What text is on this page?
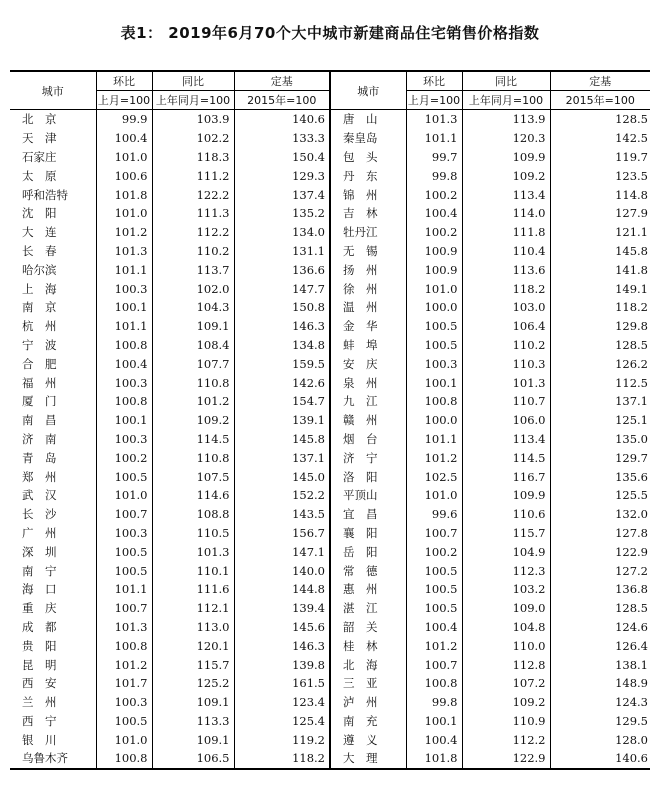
表1： 2019年6月70个大中城市新建商品住宅销售价格指数
城市	环比	同比	定基	城市	环比	同比	定基
	上月=100	上年同月=100	2015年=100		上月=100	上年同月=100	2015年=100
北　京	99.9	103.9	140.6	唐　山	101.3	113.9	128.5
天　津	100.4	102.2	133.3	秦皇岛	101.1	120.3	142.5
石家庄	101.0	118.3	150.4	包　头	99.7	109.9	119.7
太　原	100.6	111.2	129.3	丹　东	99.8	109.2	123.5
呼和浩特	101.8	122.2	137.4	锦　州	100.2	113.4	114.8
沈　阳	101.0	111.3	135.2	吉　林	100.4	114.0	127.9
大　连	101.2	112.2	134.0	牡丹江	100.2	111.8	121.1
长　春	101.3	110.2	131.1	无　锡	100.9	110.4	145.8
哈尔滨	101.1	113.7	136.6	扬　州	100.9	113.6	141.8
上　海	100.3	102.0	147.7	徐　州	101.0	118.2	149.1
南　京	100.1	104.3	150.8	温　州	100.0	103.0	118.2
杭　州	101.1	109.1	146.3	金　华	100.5	106.4	129.8
宁　波	100.8	108.4	134.8	蚌　埠	100.5	110.2	128.5
合　肥	100.4	107.7	159.5	安　庆	100.3	110.3	126.2
福　州	100.3	110.8	142.6	泉　州	100.1	101.3	112.5
厦　门	100.8	101.2	154.7	九　江	100.8	110.7	137.1
南　昌	100.1	109.2	139.1	赣　州	100.0	106.0	125.1
济　南	100.3	114.5	145.8	烟　台	101.1	113.4	135.0
青　岛	100.2	110.8	137.1	济　宁	101.2	114.5	129.7
郑　州	100.5	107.5	145.0	洛　阳	102.5	116.7	135.6
武　汉	101.0	114.6	152.2	平顶山	101.0	109.9	125.5
长　沙	100.7	108.8	143.5	宜　昌	99.6	110.6	132.0
广　州	100.3	110.5	156.7	襄　阳	100.7	115.7	127.8
深　圳	100.5	101.3	147.1	岳　阳	100.2	104.9	122.9
南　宁	100.5	110.1	140.0	常　德	100.5	112.3	127.2
海　口	101.1	111.6	144.8	惠　州	100.5	103.2	136.8
重　庆	100.7	112.1	139.4	湛　江	100.5	109.0	128.5
成　都	101.3	113.0	145.6	韶　关	100.4	104.8	124.6
贵　阳	100.8	120.1	146.3	桂　林	101.2	110.0	126.4
昆　明	101.2	115.7	139.8	北　海	100.7	112.8	138.1
西　安	101.7	125.2	161.5	三　亚	100.8	107.2	148.9
兰　州	100.3	109.1	123.4	泸　州	99.8	109.2	124.3
西　宁	100.5	113.3	125.4	南　充	100.1	110.9	129.5
银　川	101.0	109.1	119.2	遵　义	100.4	112.2	128.0
乌鲁木齐	100.8	106.5	118.2	大　理	101.8	122.9	140.6
